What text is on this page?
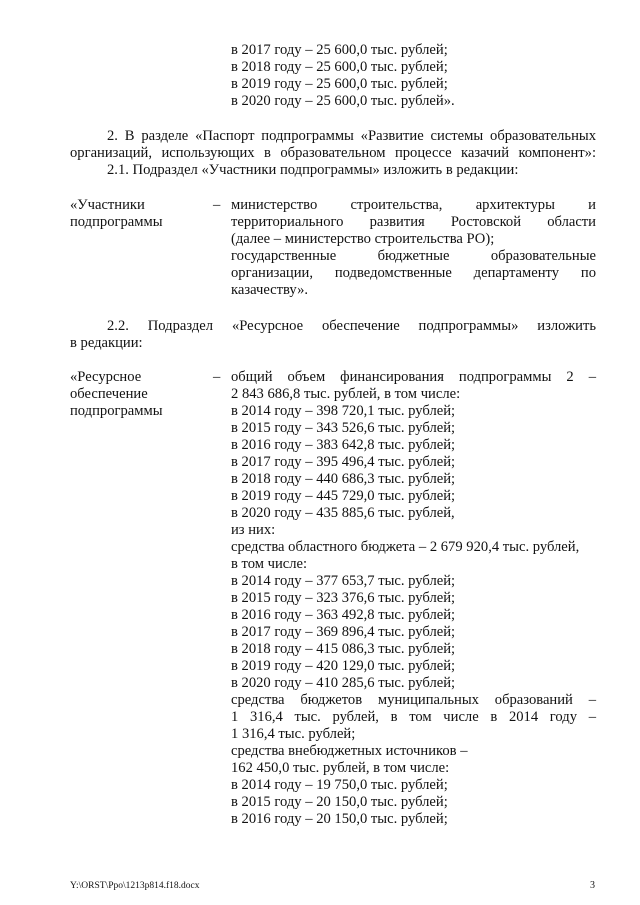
в 2017 году – 25 600,0 тыс. рублей;
в 2018 году – 25 600,0 тыс. рублей;
в 2019 году – 25 600,0 тыс. рублей;
в 2020 году – 25 600,0 тыс. рублей».
2. В разделе «Паспорт подпрограммы «Развитие системы образовательных
организаций, использующих в образовательном процессе казачий компонент»:
2.1. Подраздел «Участники подпрограммы» изложить в редакции:
«Участники
подпрограммы
– министерство строительства, архитектуры и
территориального развития Ростовской области
(далее – министерство строительства РО);
государственные бюджетные образовательные
организации, подведомственные департаменту по
казачеству».
2.2. Подраздел «Ресурсное обеспечение подпрограммы» изложить
в редакции:
«Ресурсное
обеспечение
подпрограммы
– общий объем финансирования подпрограммы 2 –
2 843 686,8 тыс. рублей, в том числе:
в 2014 году – 398 720,1 тыс. рублей;
в 2015 году – 343 526,6 тыс. рублей;
в 2016 году – 383 642,8 тыс. рублей;
в 2017 году – 395 496,4 тыс. рублей;
в 2018 году – 440 686,3 тыс. рублей;
в 2019 году – 445 729,0 тыс. рублей;
в 2020 году – 435 885,6 тыс. рублей,
из них:
средства областного бюджета – 2 679 920,4 тыс. рублей,
в том числе:
в 2014 году – 377 653,7 тыс. рублей;
в 2015 году – 323 376,6 тыс. рублей;
в 2016 году – 363 492,8 тыс. рублей;
в 2017 году – 369 896,4 тыс. рублей;
в 2018 году – 415 086,3 тыс. рублей;
в 2019 году – 420 129,0 тыс. рублей;
в 2020 году – 410 285,6 тыс. рублей;
средства бюджетов муниципальных образований –
1 316,4 тыс. рублей, в том числе в 2014 году –
1 316,4 тыс. рублей;
средства внебюджетных источников –
162 450,0 тыс. рублей, в том числе:
в 2014 году – 19 750,0 тыс. рублей;
в 2015 году – 20 150,0 тыс. рублей;
в 2016 году – 20 150,0 тыс. рублей;
Y:\ORST\Ppo\1213p814.f18.docx	3
